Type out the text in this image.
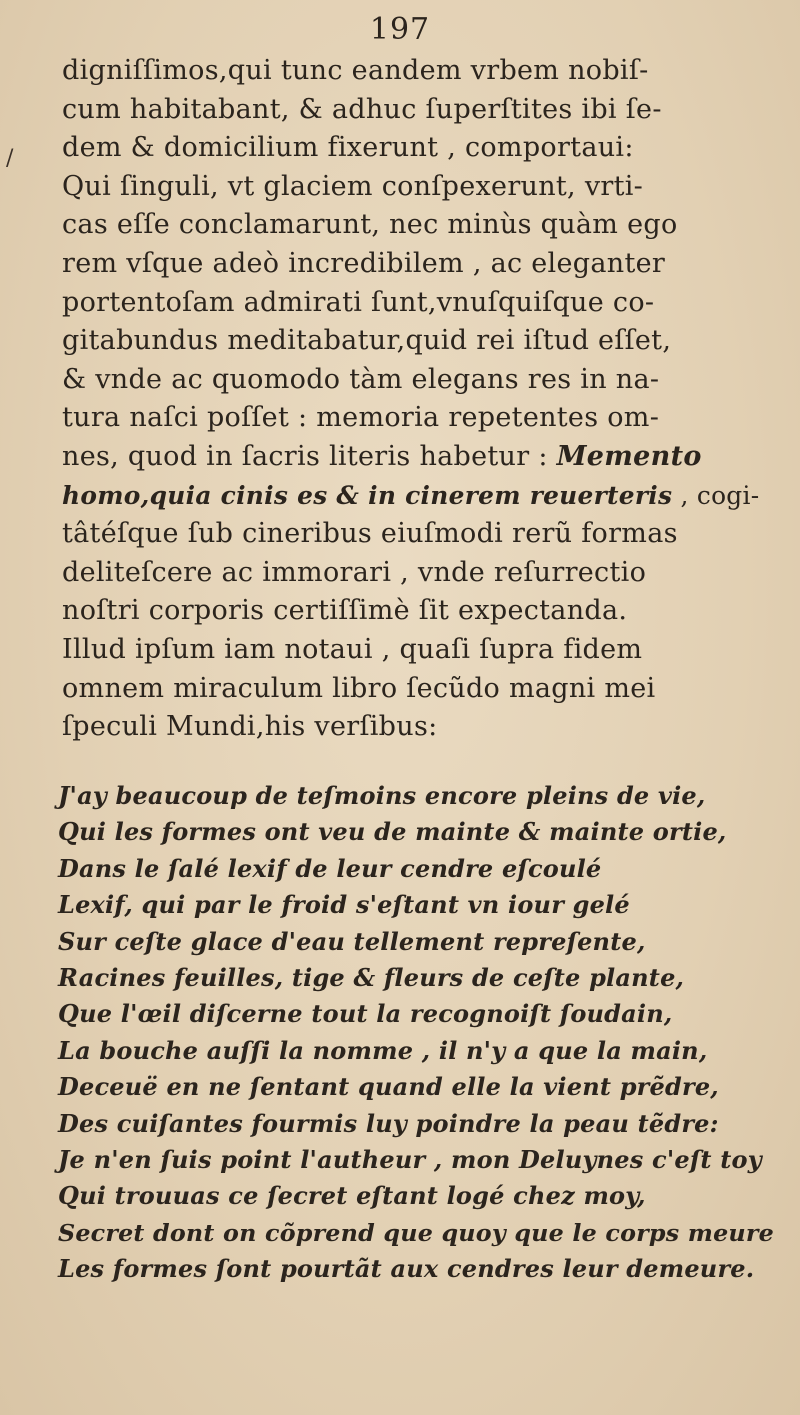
197
/
digniſſimos,qui tunc eandem vrbem nobiſ-
cum habitabant, & adhuc ſuperſtites ibi ſe-
dem & domicilium fixerunt , comportaui:
Qui ſinguli, vt glaciem conſpexerunt, vrti-
cas eſſe conclamarunt, nec minùs quàm ego
rem vſque adeò incredibilem , ac eleganter
portentoſam admirati ſunt,vnuſquiſque co-
gitabundus meditabatur,quid rei iſtud eſſet,
& vnde ac quomodo tàm elegans res in na-
tura naſci poſſet : memoria repetentes om-
nes, quod in ſacris literis habetur : Memento
homo,quia cinis es & in cinerem reuerteris , cogi-
tâtéſque ſub cineribus eiuſmodi rerũ formas
deliteſcere ac immorari , vnde reſurrectio
noſtri corporis certiſſimè ſit expectanda.
Illud ipſum iam notaui , quaſi ſupra fidem
omnem miraculum libro ſecũdo magni mei
ſpeculi Mundi,his verſibus:
J'ay beaucoup de teſmoins encore pleins de vie,
Qui les formes ont veu de mainte & mainte ortie,
Dans le ſalé lexif de leur cendre eſcoulé
Lexif, qui par le froid s'eſtant vn iour gelé
Sur ceſte glace d'eau tellement repreſente,
Racines feuilles, tige & fleurs de ceſte plante,
Que l'œil diſcerne tout la recognoiſt ſoudain,
La bouche auſſi la nomme , il n'y a que la main,
Deceuë en ne ſentant quand elle la vient prẽdre,
Des cuiſantes fourmis luy poindre la peau tẽdre:
Je n'en ſuis point l'autheur , mon Deluynes c'eſt toy
Qui trouuas ce ſecret eſtant logé chez moy,
Secret dont on cõprend que quoy que le corps meure
Les formes ſont pourtãt aux cendres leur demeure.
